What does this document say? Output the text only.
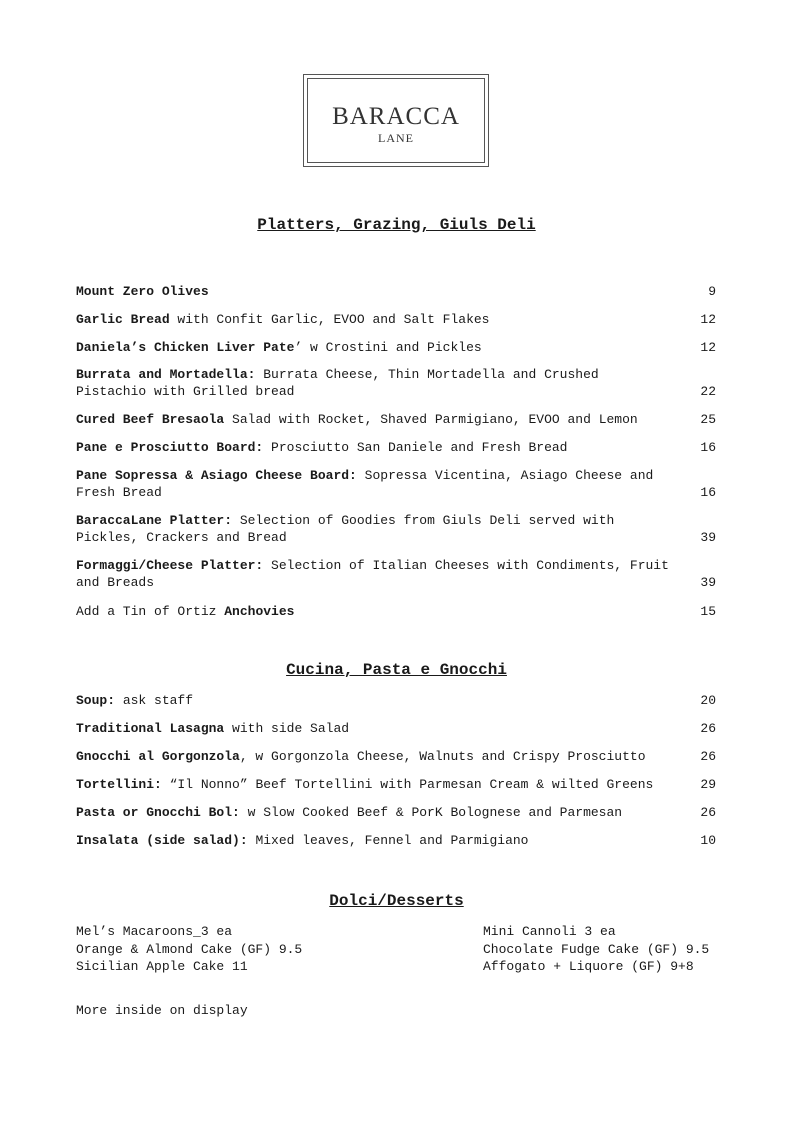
BARACCA
LANE
Platters, Grazing, Giuls Deli
Mount Zero Olives	9
Garlic Bread with Confit Garlic, EVOO and Salt Flakes	12
Daniela’s Chicken Liver Pate’ w Crostini and Pickles	12
Burrata and Mortadella: Burrata Cheese, Thin Mortadella and Crushed Pistachio with Grilled bread	22
Cured Beef Bresaola Salad with Rocket, Shaved Parmigiano, EVOO and Lemon	25
Pane e Prosciutto Board: Prosciutto San Daniele and Fresh Bread	16
Pane Sopressa & Asiago Cheese Board: Sopressa Vicentina, Asiago Cheese and Fresh Bread	16
BaraccaLane Platter: Selection of Goodies from Giuls Deli served with Pickles, Crackers and Bread	39
Formaggi/Cheese Platter: Selection of Italian Cheeses with Condiments, Fruit and Breads	39
Add a Tin of Ortiz Anchovies	15
Cucina, Pasta e Gnocchi
Soup: ask staff	20
Traditional Lasagna with side Salad	26
Gnocchi al Gorgonzola, w Gorgonzola Cheese, Walnuts and Crispy Prosciutto	26
Tortellini: “Il Nonno” Beef Tortellini with Parmesan Cream & wilted Greens	29
Pasta or Gnocchi Bol: w Slow Cooked Beef & PorK Bolognese and Parmesan	26
Insalata (side salad): Mixed leaves, Fennel and Parmigiano	10
Dolci/Desserts
Mel’s Macaroons_3 ea
Orange & Almond Cake (GF) 9.5
Sicilian Apple Cake 11
Mini Cannoli 3 ea
Chocolate Fudge Cake (GF) 9.5
Affogato + Liquore (GF) 9+8
More inside on display
